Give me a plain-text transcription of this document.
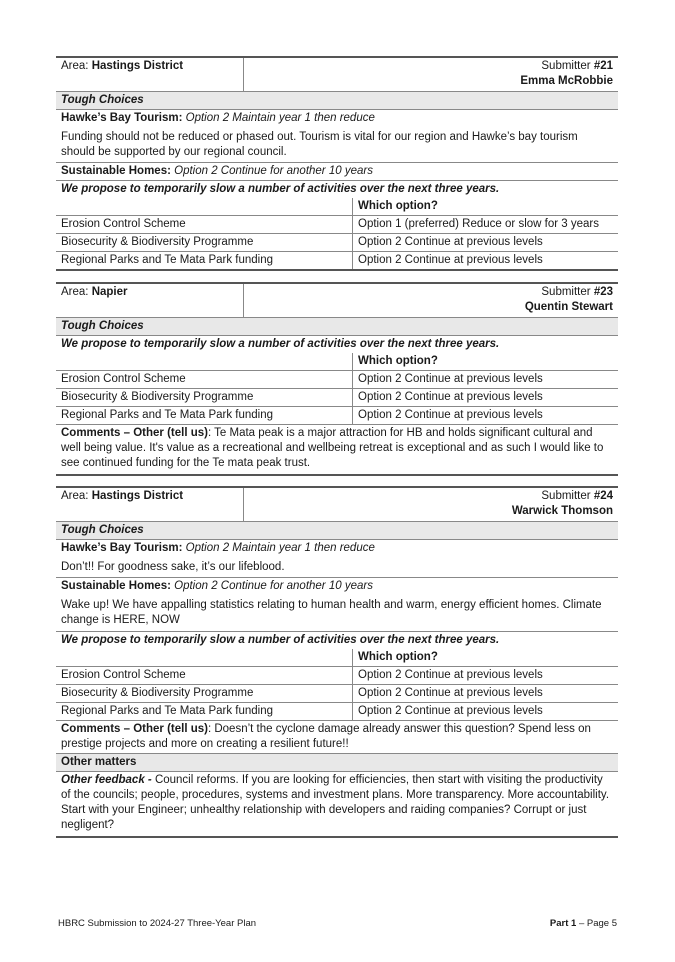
Area: Hastings District	Submitter #21
Emma McRobbie
Tough Choices
Hawke’s Bay Tourism: Option 2 Maintain year 1 then reduce
Funding should not be reduced or phased out. Tourism is vital for our region and Hawke’s bay tourism should be supported by our regional council.
Sustainable Homes: Option 2 Continue for another 10 years

We propose to temporarily slow a number of activities over the next three years.
	Which option?
Erosion Control Scheme	Option 1 (preferred) Reduce or slow for 3 years
Biosecurity & Biodiversity Programme	Option 2 Continue at previous levels
Regional Parks and Te Mata Park funding	Option 2 Continue at previous levels
Area: Napier	Submitter #23
Quentin Stewart
Tough Choices

We propose to temporarily slow a number of activities over the next three years.
	Which option?
Erosion Control Scheme	Option 2 Continue at previous levels
Biosecurity & Biodiversity Programme	Option 2 Continue at previous levels
Regional Parks and Te Mata Park funding	Option 2 Continue at previous levels

Comments – Other (tell us): Te Mata peak is a major attraction for HB and holds significant cultural and well being value. It's value as a recreational and wellbeing retreat is exceptional and as such I would like to see continued funding for the Te mata peak trust.
Area: Hastings District	Submitter #24
Warwick Thomson
Tough Choices
Hawke’s Bay Tourism: Option 2 Maintain year 1 then reduce
Don’t!! For goodness sake, it’s our lifeblood.
Sustainable Homes: Option 2 Continue for another 10 years
Wake up! We have appalling statistics relating to human health and warm, energy efficient homes. Climate change is HERE, NOW

We propose to temporarily slow a number of activities over the next three years.
	Which option?
Erosion Control Scheme	Option 2 Continue at previous levels
Biosecurity & Biodiversity Programme	Option 2 Continue at previous levels
Regional Parks and Te Mata Park funding	Option 2 Continue at previous levels

Comments – Other (tell us): Doesn’t the cyclone damage already answer this question? Spend less on prestige projects and more on creating a resilient future!!
Other matters
Other feedback - Council reforms. If you are looking for efficiencies, then start with visiting the productivity of the councils; people, procedures, systems and investment plans. More transparency. More accountability. Start with your Engineer; unhealthy relationship with developers and raiding companies? Corrupt or just negligent?
HBRC Submission to 2024-27 Three-Year Plan	Part 1 – Page 5
